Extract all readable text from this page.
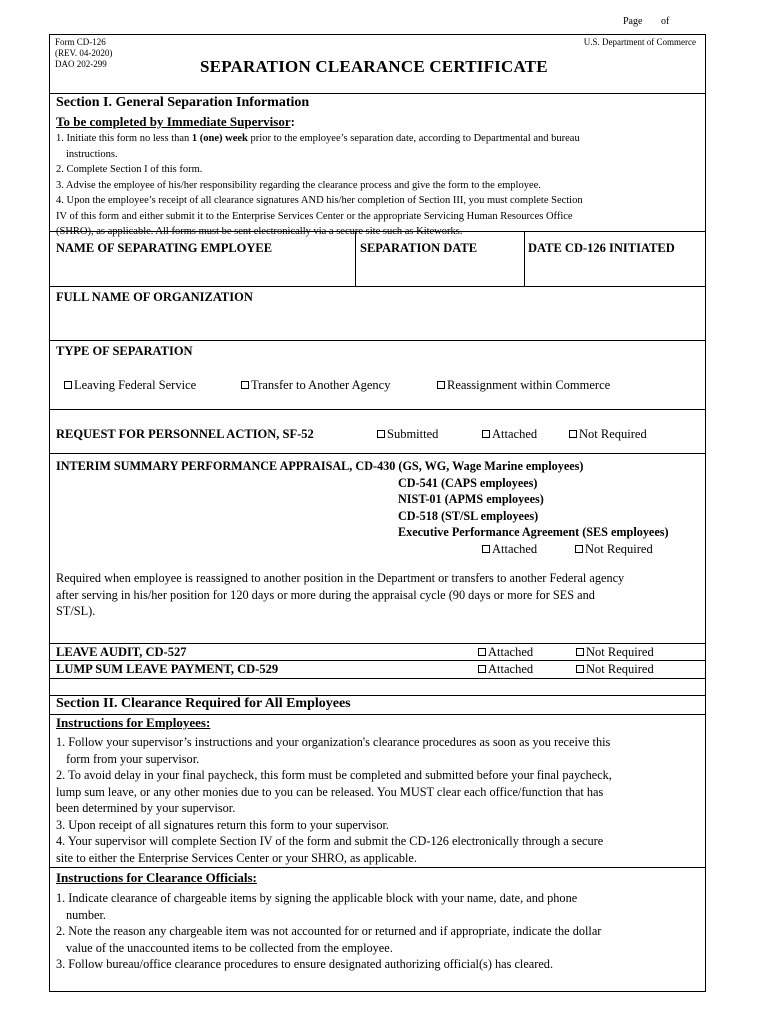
Page of
Form CD-126
(REV. 04-2020)
DAO 202-299
U.S. Department of Commerce
SEPARATION CLEARANCE CERTIFICATE
Section I. General Separation Information
To be completed by Immediate Supervisor:
1. Initiate this form no less than 1 (one) week prior to the employee’s separation date, according to Departmental and bureau
instructions.
2. Complete Section I of this form.
3. Advise the employee of his/her responsibility regarding the clearance process and give the form to the employee.
4. Upon the employee’s receipt of all clearance signatures AND his/her completion of Section III, you must complete Section
IV of this form and either submit it to the Enterprise Services Center or the appropriate Servicing Human Resources Office
(SHRO), as applicable. All forms must be sent electronically via a secure site such as Kiteworks.
NAME OF SEPARATING EMPLOYEE	SEPARATION DATE	DATE CD-126 INITIATED
FULL NAME OF ORGANIZATION
TYPE OF SEPARATION
Leaving Federal Service	Transfer to Another Agency	Reassignment within Commerce
REQUEST FOR PERSONNEL ACTION, SF-52	Submitted	Attached	Not Required
INTERIM SUMMARY PERFORMANCE APPRAISAL, CD-430 (GS, WG, Wage Marine employees)
CD-541 (CAPS employees)
NIST-01 (APMS employees)
CD-518 (ST/SL employees)
Executive Performance Agreement (SES employees)
Attached	Not Required
Required when employee is reassigned to another position in the Department or transfers to another Federal agency
after serving in his/her position for 120 days or more during the appraisal cycle (90 days or more for SES and
ST/SL).
LEAVE AUDIT, CD-527	Attached	Not Required
LUMP SUM LEAVE PAYMENT, CD-529	Attached	Not Required
Section II. Clearance Required for All Employees
Instructions for Employees:
1. Follow your supervisor’s instructions and your organization's clearance procedures as soon as you receive this
form from your supervisor.
2. To avoid delay in your final paycheck, this form must be completed and submitted before your final paycheck,
lump sum leave, or any other monies due to you can be released. You MUST clear each office/function that has
been determined by your supervisor.
3. Upon receipt of all signatures return this form to your supervisor.
4. Your supervisor will complete Section IV of the form and submit the CD-126 electronically through a secure
site to either the Enterprise Services Center or your SHRO, as applicable.
Instructions for Clearance Officials:
1. Indicate clearance of chargeable items by signing the applicable block with your name, date, and phone
number.
2. Note the reason any chargeable item was not accounted for or returned and if appropriate, indicate the dollar
value of the unaccounted items to be collected from the employee.
3. Follow bureau/office clearance procedures to ensure designated authorizing official(s) has cleared.
